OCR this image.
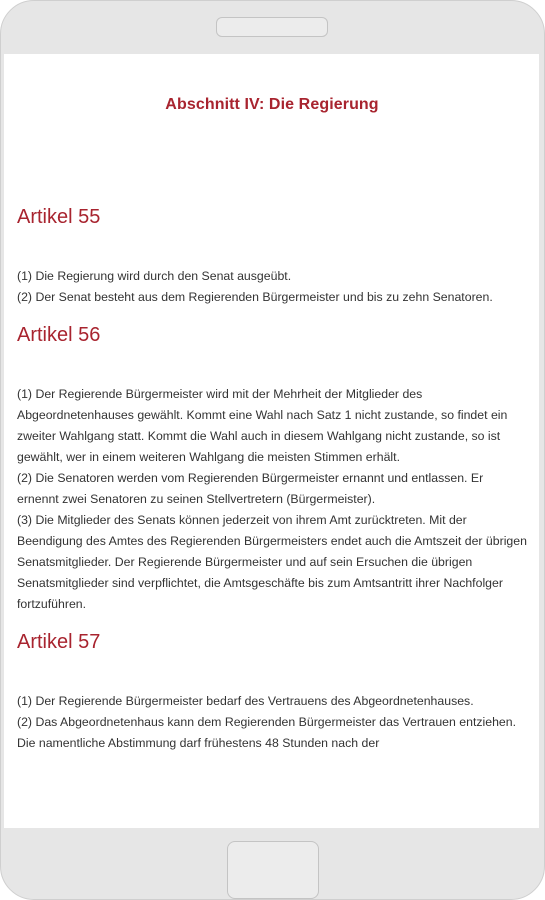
Abschnitt IV: Die Regierung
Artikel 55

(1) Die Regierung wird durch den Senat ausgeübt.

(2) Der Senat besteht aus dem Regierenden Bürgermeister und bis zu zehn Senatoren.

Artikel 56

(1) Der Regierende Bürgermeister wird mit der Mehrheit der Mitglieder des Abgeordnetenhauses gewählt. Kommt eine Wahl nach Satz 1 nicht zustande, so findet ein zweiter Wahlgang statt. Kommt die Wahl auch in diesem Wahlgang nicht zustande, so ist gewählt, wer in einem weiteren Wahlgang die meisten Stimmen erhält.

(2) Die Senatoren werden vom Regierenden Bürgermeister ernannt und entlassen. Er ernennt zwei Senatoren zu seinen Stellvertretern (Bürgermeister).

(3) Die Mitglieder des Senats können jederzeit von ihrem Amt zurücktreten. Mit der Beendigung des Amtes des Regierenden Bürgermeisters endet auch die Amtszeit der übrigen Senatsmitglieder. Der Regierende Bürgermeister und auf sein Ersuchen die übrigen Senatsmitglieder sind verpflichtet, die Amtsgeschäfte bis zum Amtsantritt ihrer Nachfolger fortzuführen.

Artikel 57

(1) Der Regierende Bürgermeister bedarf des Vertrauens des Abgeordnetenhauses.

(2) Das Abgeordnetenhaus kann dem Regierenden Bürgermeister das Vertrauen entziehen. Die namentliche Abstimmung darf frühestens 48 Stunden nach der
